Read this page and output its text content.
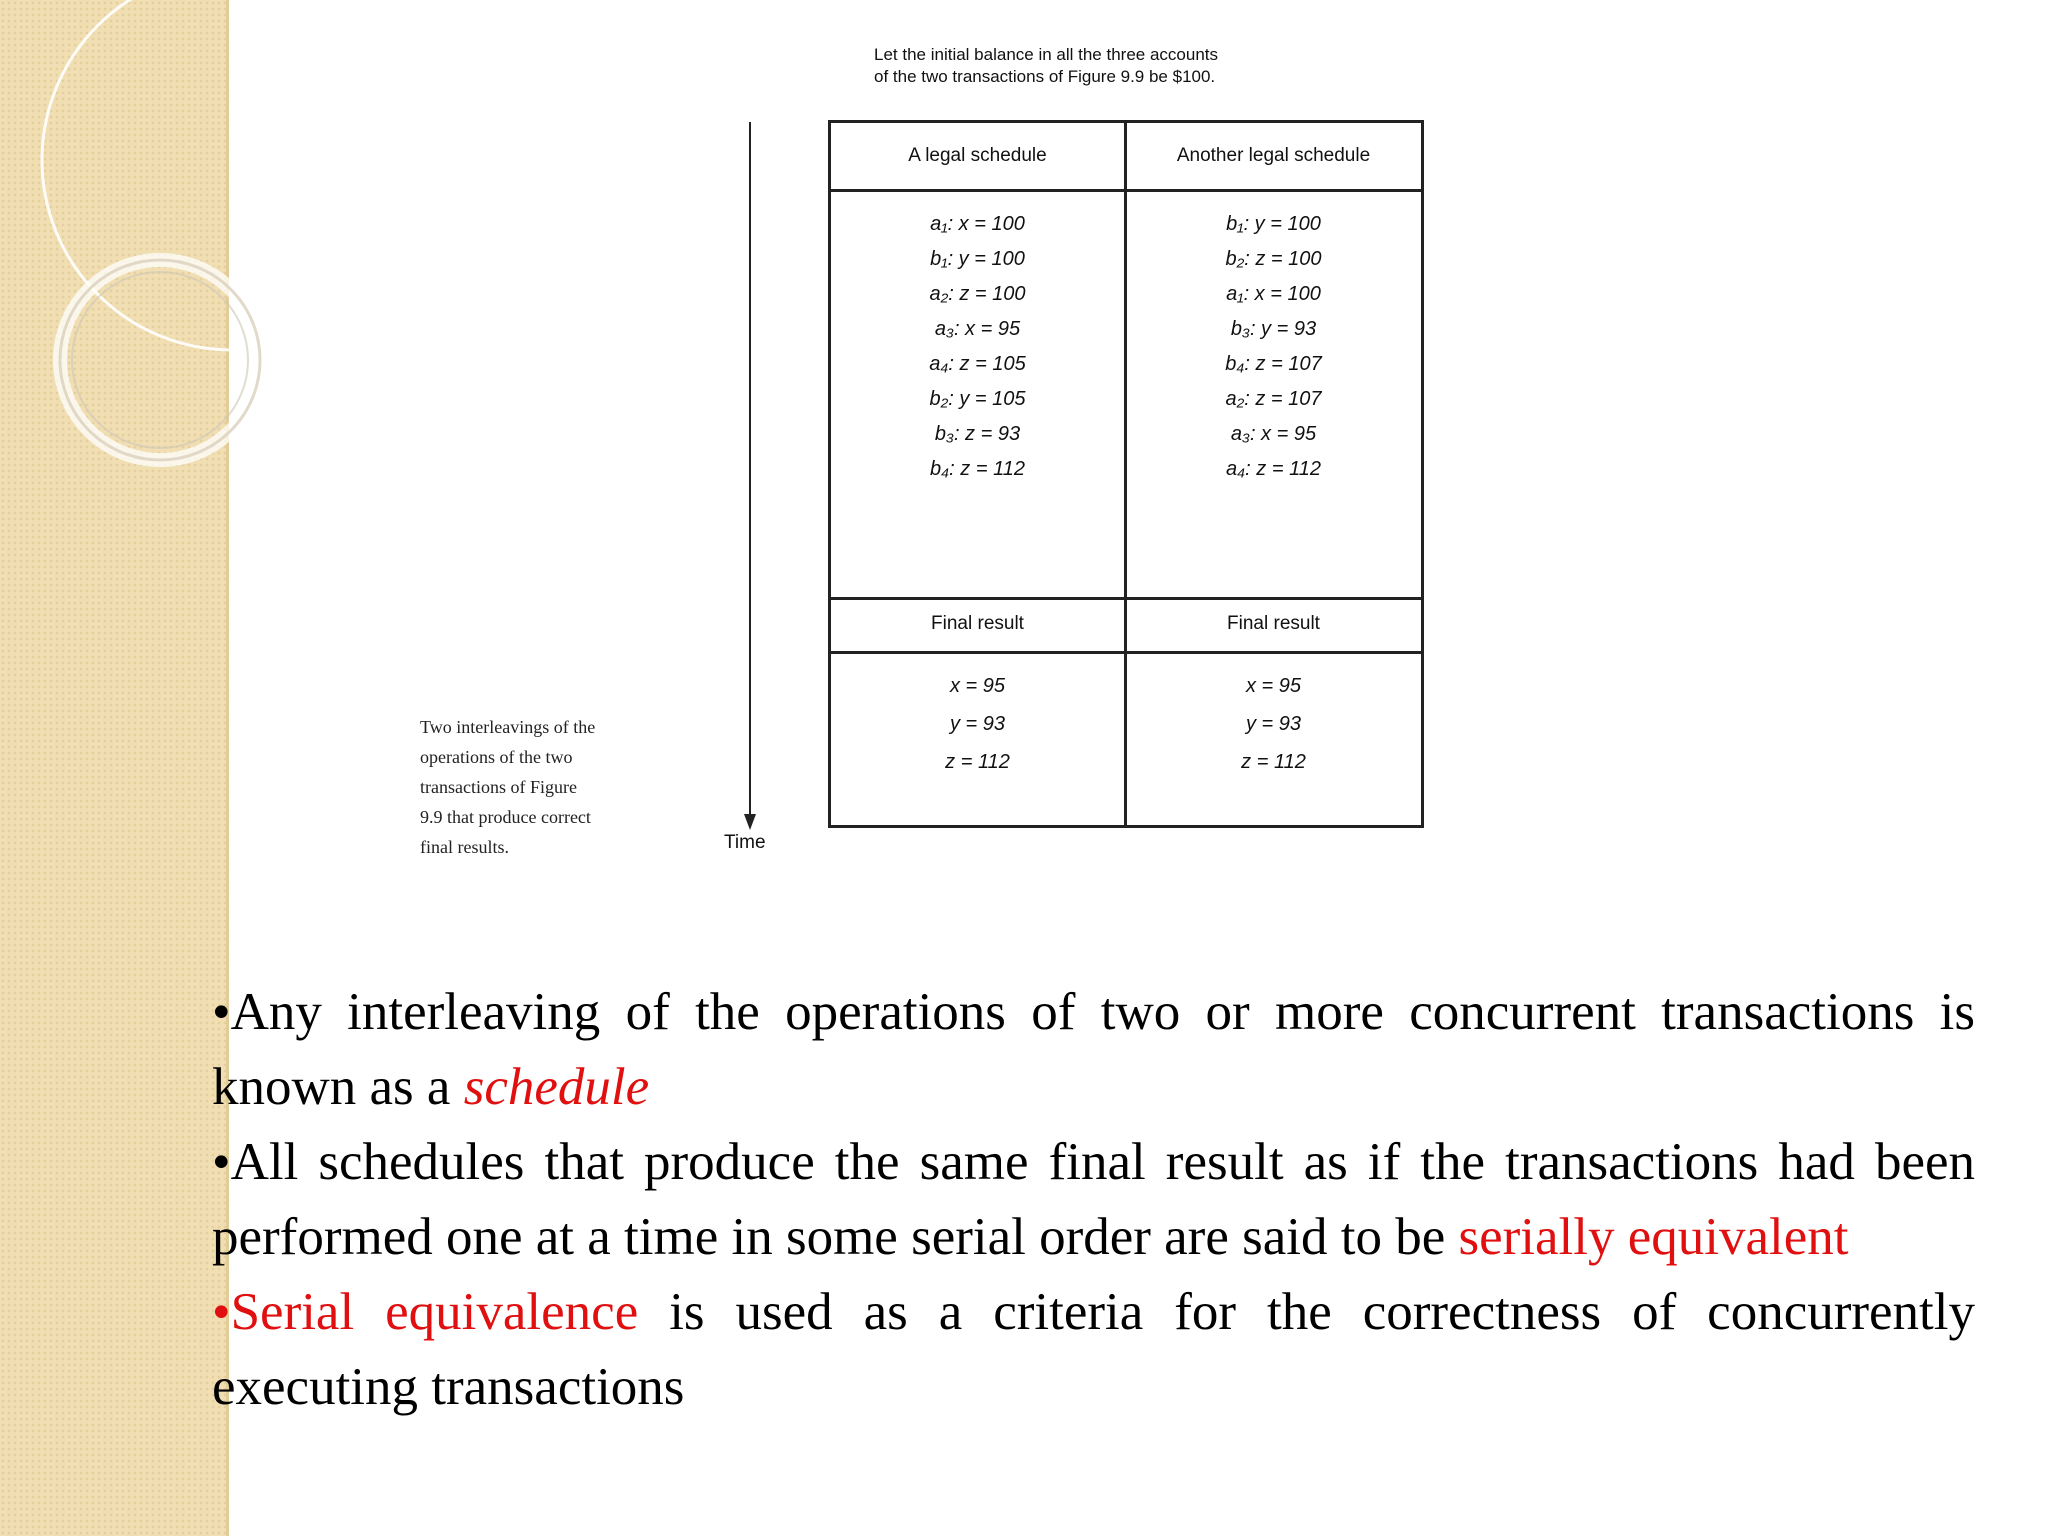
Let the initial balance in all the three accounts
of the two transactions of Figure 9.9 be $100.
A legal schedule	Another legal schedule
a₁: x = 100
b₁: y = 100
a₂: z = 100
a₃: x = 95
a₄: z = 105
b₂: y = 105
b₃: z = 93
b₄: z = 112
b₁: y = 100
b₂: z = 100
a₁: x = 100
b₃: y = 93
b₄: z = 107
a₂: z = 107
a₃: x = 95
a₄: z = 112
Final result	Final result
x = 95
y = 93
z = 112
x = 95
y = 93
z = 112
Time
Two interleavings of the
operations of the two
transactions of Figure
9.9 that produce correct
final results.

•Any interleaving of the operations of two or more concurrent transactions is known as a schedule

•All schedules that produce the same final result as if the transactions had been performed one at a time in some serial order are said to be serially equivalent

•Serial equivalence is used as a criteria for the correctness of concurrently executing transactions
